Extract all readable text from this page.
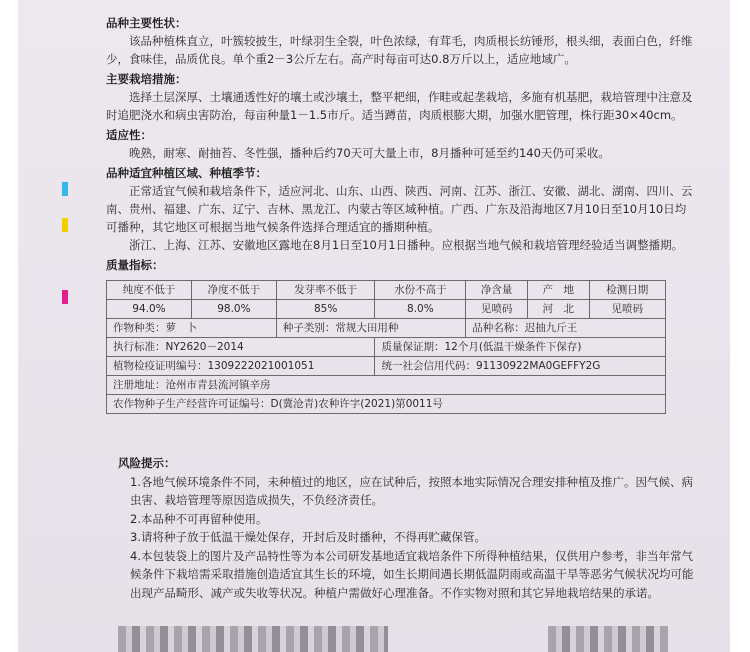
品种主要性状：

该品种植株直立，叶簇较披生，叶绿羽生全裂，叶色浓绿，有茸毛，肉质根长纺锤形，根头细，表面白色，纤维少，食味佳，品质优良。单个重2－3公斤左右。高产时每亩可达0.8万斤以上，适应地域广。

主要栽培措施：

选择土层深厚、土壤通透性好的壤土或沙壤土，整平耙细，作畦或起垄栽培，多施有机基肥，栽培管理中注意及时追肥浇水和病虫害防治，每亩种量1－1.5市斤。适当蹲苗，肉质根膨大期，加强水肥管理，株行距30×40cm。

适应性：

晚熟，耐寒、耐抽苔、冬性强，播种后约70天可大量上市，8月播种可延至约140天仍可采收。

品种适宜种植区域、种植季节：

正常适宜气候和栽培条件下，适应河北、山东、山西、陕西、河南、江苏、浙江、安徽、湖北、湖南、四川、云南、贵州、福建、广东、辽宁、吉林、黑龙江、内蒙古等区域种植。广西、广东及沿海地区7月10日至10月10日均可播种，其它地区可根据当地气候条件选择合理适宜的播期种植。

浙江、上海、江苏、安徽地区露地在8月1日至10月1日播种。应根据当地气候和栽培管理经验适当调整播期。

质量指标：
纯度不低于	净度不低于	发芽率不低于	水份不高于	净含量	产　地	检测日期
94.0%	98.0%	85%	8.0%	见喷码	河　北	见喷码
作物种类：萝　卜		种子类别：常规大田用种		品种名称：迟抽九斤王		
执行标准：NY2620－2014			质量保证期：12个月(低温干燥条件下保存)			
植物检疫证明编号：130922202100105​1			统一社会信用代码：91130922MA0GEFFY2G			
注册地址：沧州市青县流河镇辛房						
农作物种子生产经营许可证编号：D(冀沧青)农种许字(2021)第0011号						
风险提示：

1.各地气候环境条件不同，未种植过的地区，应在试种后，按照本地实际情况合理安排种植及推广。因气候、病虫害、栽培管理等原因造成损失，不负经济责任。

2.本品种不可再留种使用。

3.请将种子放于低温干燥处保存，开封后及时播种，不得再贮藏保管。

4.本包装袋上的图片及产品特性等为本公司研发基地适宜栽培条件下所得种植结果，仅供用户参考，非当年常气候条件下栽培需采取措施创造适宜其生长的环境，如生长期间遇长期低温阴雨或高温干旱等恶劣气候状况均可能出现产品畸形、减产或失收等状况。种植户需做好心理准备。不作实物对照和其它异地栽培结果的承诺。
